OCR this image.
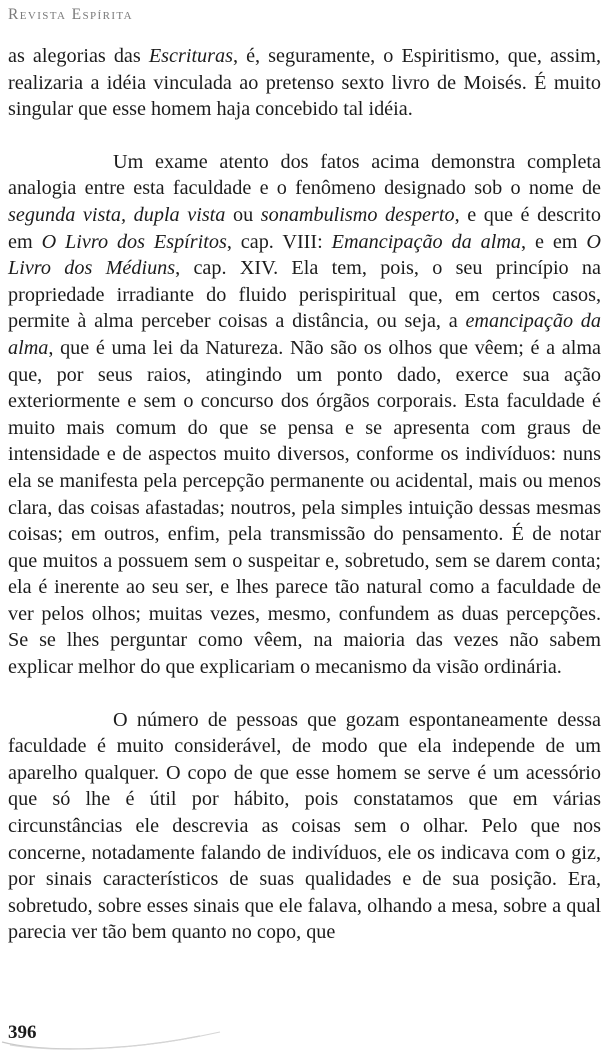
Revista Espírita

as alegorias das Escrituras, é, seguramente, o Espiritismo, que, assim, realizaria a idéia vinculada ao pretenso sexto livro de Moisés. É muito singular que esse homem haja concebido tal idéia.

Um exame atento dos fatos acima demonstra completa analogia entre esta faculdade e o fenômeno designado sob o nome de segunda vista, dupla vista ou sonambulismo desperto, e que é descrito em O Livro dos Espíritos, cap. VIII: Emancipação da alma, e em O Livro dos Médiuns, cap. XIV. Ela tem, pois, o seu princípio na propriedade irradiante do fluido perispiritual que, em certos casos, permite à alma perceber coisas a distância, ou seja, a emancipação da alma, que é uma lei da Natureza. Não são os olhos que vêem; é a alma que, por seus raios, atingindo um ponto dado, exerce sua ação exteriormente e sem o concurso dos órgãos corporais. Esta faculdade é muito mais comum do que se pensa e se apresenta com graus de intensidade e de aspectos muito diversos, conforme os indivíduos: nuns ela se manifesta pela percepção permanente ou acidental, mais ou menos clara, das coisas afastadas; noutros, pela simples intuição dessas mesmas coisas; em outros, enfim, pela transmissão do pensamento. É de notar que muitos a possuem sem o suspeitar e, sobretudo, sem se darem conta; ela é inerente ao seu ser, e lhes parece tão natural como a faculdade de ver pelos olhos; muitas vezes, mesmo, confundem as duas percepções. Se se lhes perguntar como vêem, na maioria das vezes não sabem explicar melhor do que explicariam o mecanismo da visão ordinária.

O número de pessoas que gozam espontaneamente dessa faculdade é muito considerável, de modo que ela independe de um aparelho qualquer. O copo de que esse homem se serve é um acessório que só lhe é útil por hábito, pois constatamos que em várias circunstâncias ele descrevia as coisas sem o olhar. Pelo que nos concerne, notadamente falando de indivíduos, ele os indicava com o giz, por sinais característicos de suas qualidades e de sua posição. Era, sobretudo, sobre esses sinais que ele falava, olhando a mesa, sobre a qual parecia ver tão bem quanto no copo, que

396
